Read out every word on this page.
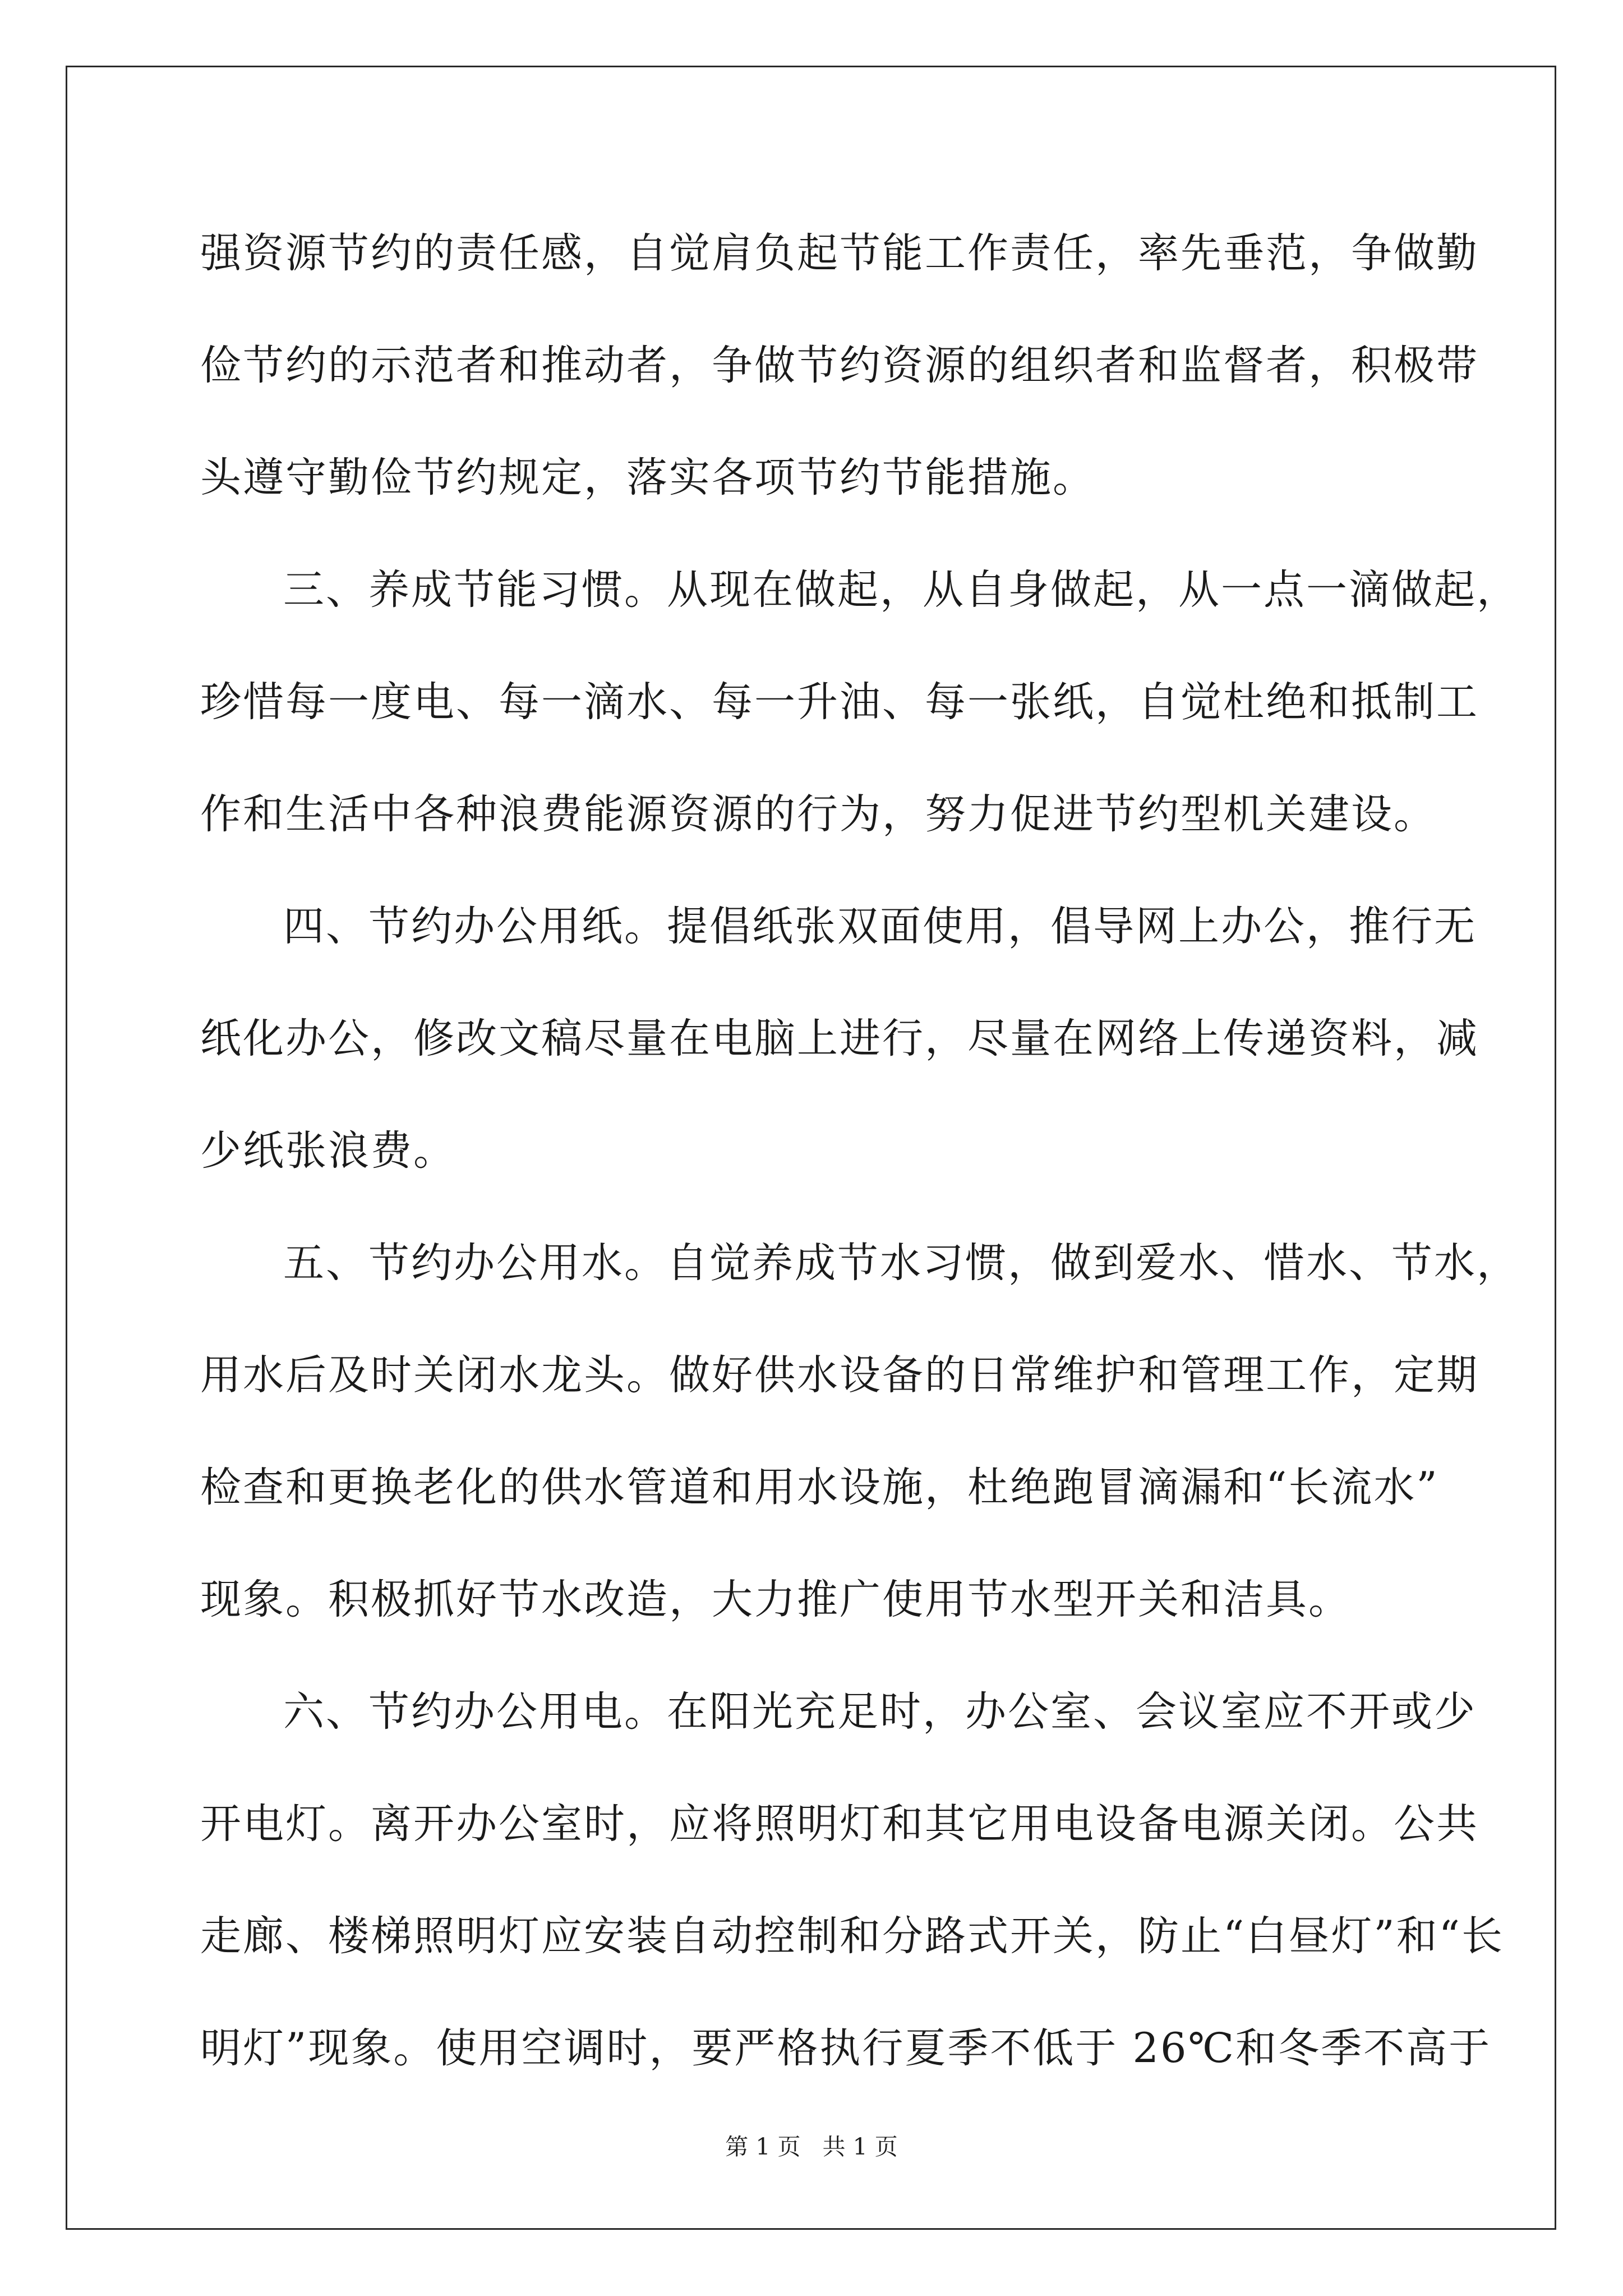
强资源节约的责任感，自觉肩负起节能工作责任，率先垂范，争做勤
俭节约的示范者和推动者，争做节约资源的组织者和监督者，积极带
头遵守勤俭节约规定，落实各项节约节能措施。
三、养成节能习惯。从现在做起，从自身做起，从一点一滴做起，
珍惜每一度电、每一滴水、每一升油、每一张纸，自觉杜绝和抵制工
作和生活中各种浪费能源资源的行为，努力促进节约型机关建设。
四、节约办公用纸。提倡纸张双面使用，倡导网上办公，推行无
纸化办公，修改文稿尽量在电脑上进行，尽量在网络上传递资料，减
少纸张浪费。
五、节约办公用水。自觉养成节水习惯，做到爱水、惜水、节水，
用水后及时关闭水龙头。做好供水设备的日常维护和管理工作，定期
检查和更换老化的供水管道和用水设施，杜绝跑冒滴漏和“长流水”
现象。积极抓好节水改造，大力推广使用节水型开关和洁具。
六、节约办公用电。在阳光充足时，办公室、会议室应不开或少
开电灯。离开办公室时，应将照明灯和其它用电设备电源关闭。公共
走廊、楼梯照明灯应安装自动控制和分路式开关，防止“白昼灯”和“长
明灯”现象。使用空调时，要严格执行夏季不低于 26℃和冬季不高于
第 1 页   共 1 页
